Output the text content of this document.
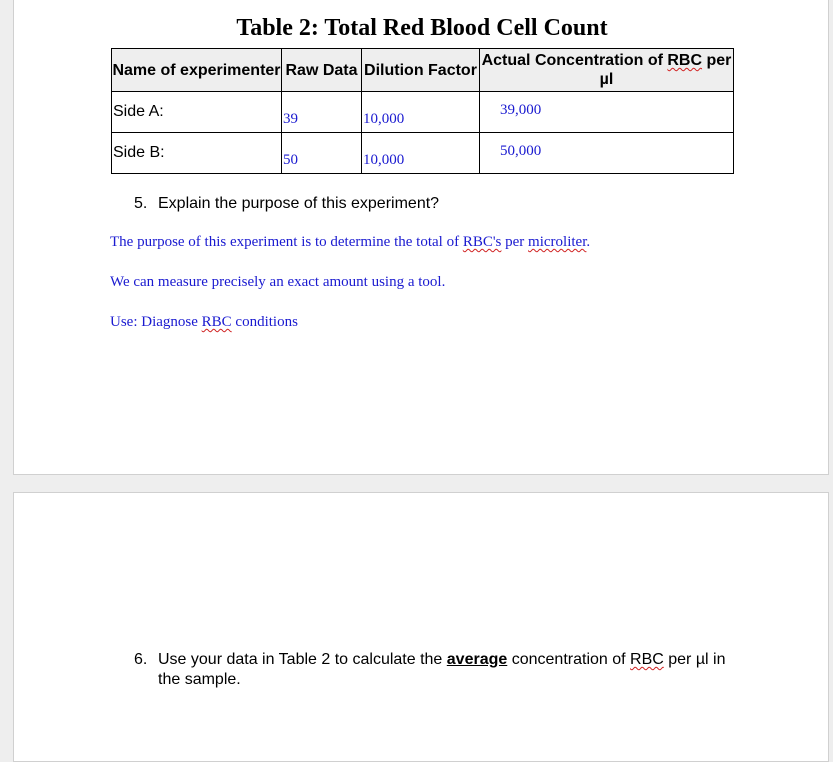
Table 2: Total Red Blood Cell Count
Name of experimenter	Raw Data	Dilution Factor	Actual Concentration of RBC per µl

Side A:	39	10,000	39,000

Side B:	50	10,000	50,000
5. Explain the purpose of this experiment?

The purpose of this experiment is to determine the total of RBC's per microliter.

We can measure precisely an exact amount using a tool.

Use: Diagnose RBC conditions

6. Use your data in Table 2 to calculate the average concentration of RBC per µl in the sample.
